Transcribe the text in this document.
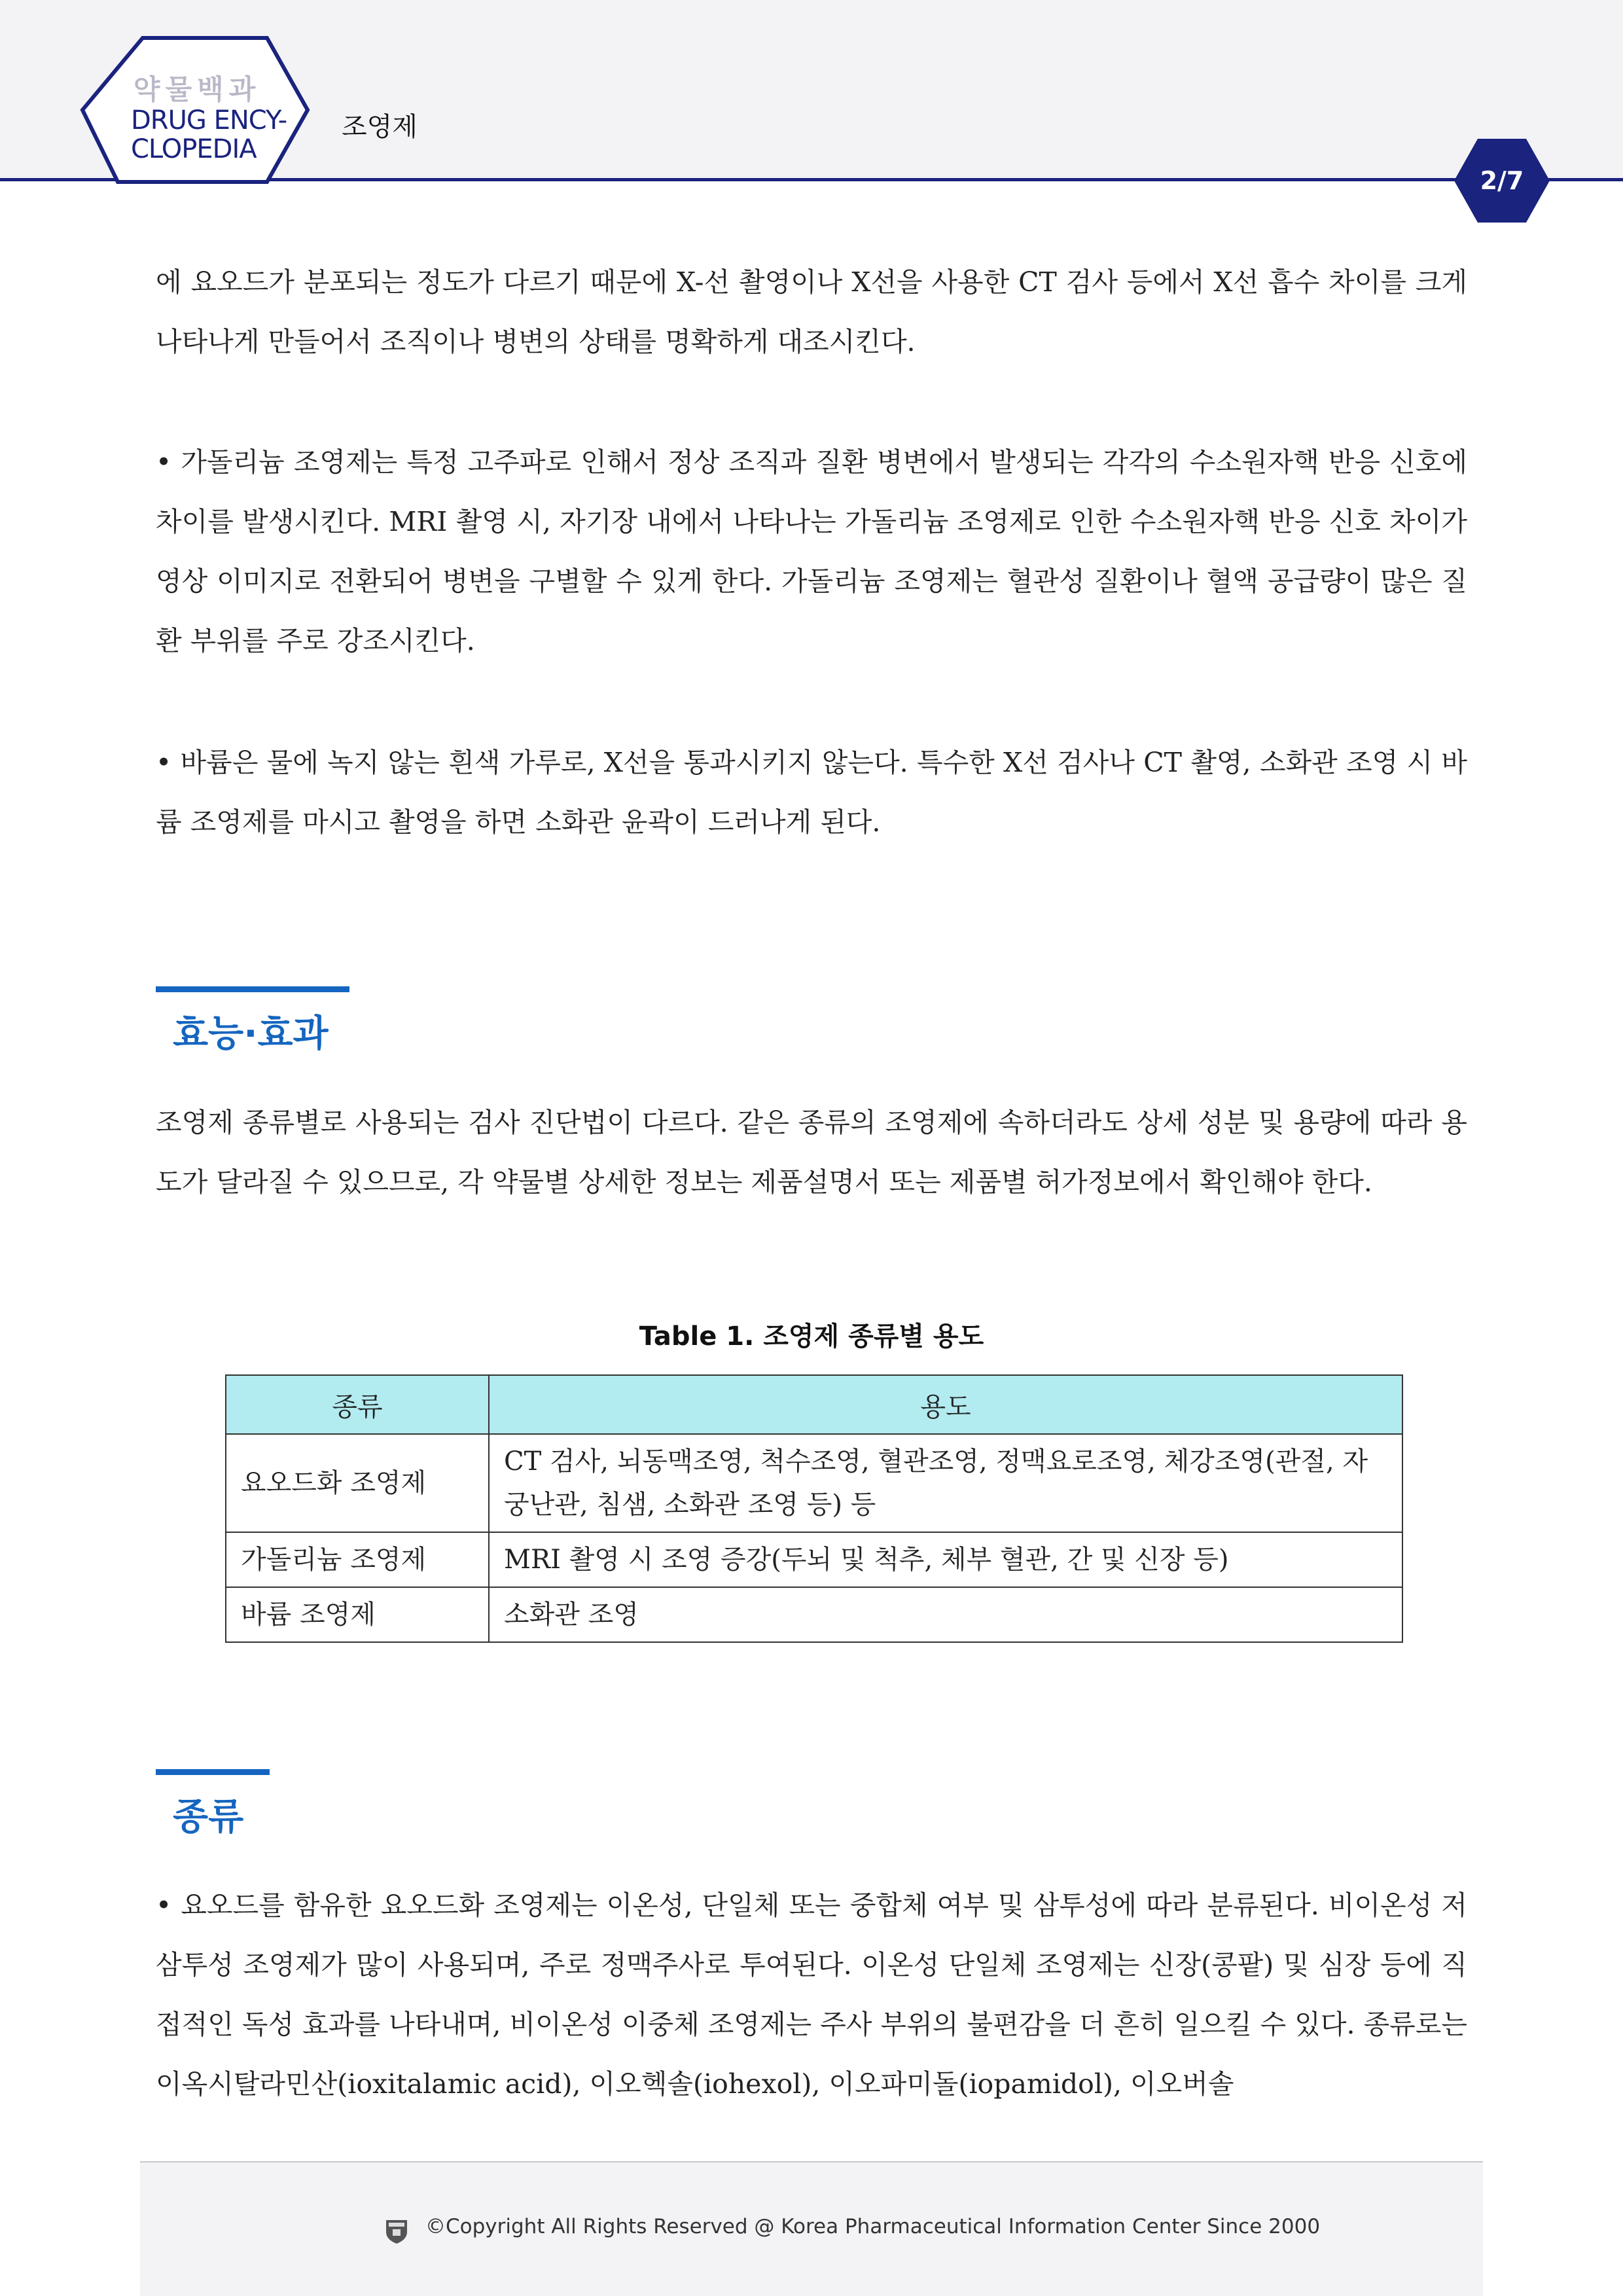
약물백과
DRUG ENCY-
CLOPEDIA
조영제
2/7

에 요오드가 분포되는 정도가 다르기 때문에 X-선 촬영이나 X선을 사용한 CT 검사 등에서 X선 흡수 차이를 크게 나타나게 만들어서 조직이나 병변의 상태를 명확하게 대조시킨다.

• 가돌리늄 조영제는 특정 고주파로 인해서 정상 조직과 질환 병변에서 발생되는 각각의 수소원자핵 반응 신호에 차이를 발생시킨다. MRI 촬영 시, 자기장 내에서 나타나는 가돌리늄 조영제로 인한 수소원자핵 반응 신호 차이가 영상 이미지로 전환되어 병변을 구별할 수 있게 한다. 가돌리늄 조영제는 혈관성 질환이나 혈액 공급량이 많은 질환 부위를 주로 강조시킨다.

• 바륨은 물에 녹지 않는 흰색 가루로, X선을 통과시키지 않는다. 특수한 X선 검사나 CT 촬영, 소화관 조영 시 바륨 조영제를 마시고 촬영을 하면 소화관 윤곽이 드러나게 된다.

효능·효과

조영제 종류별로 사용되는 검사 진단법이 다르다. 같은 종류의 조영제에 속하더라도 상세 성분 및 용량에 따라 용도가 달라질 수 있으므로, 각 약물별 상세한 정보는 제품설명서 또는 제품별 허가정보에서 확인해야 한다.

Table 1. 조영제 종류별 용도
종류	용도
요오드화 조영제	CT 검사, 뇌동맥조영, 척수조영, 혈관조영, 정맥요로조영, 체강조영(관절, 자궁난관, 침샘, 소화관 조영 등) 등
가돌리늄 조영제	MRI 촬영 시 조영 증강(두뇌 및 척추, 체부 혈관, 간 및 신장 등)
바륨 조영제	소화관 조영
종류

• 요오드를 함유한 요오드화 조영제는 이온성, 단일체 또는 중합체 여부 및 삼투성에 따라 분류된다. 비이온성 저삼투성 조영제가 많이 사용되며, 주로 정맥주사로 투여된다. 이온성 단일체 조영제는 신장(콩팥) 및 심장 등에 직접적인 독성 효과를 나타내며, 비이온성 이중체 조영제는 주사 부위의 불편감을 더 흔히 일으킬 수 있다. 종류로는 이옥시탈라민산(ioxitalamic acid), 이오헥솔(iohexol), 이오파미돌(iopamidol), 이오버솔

©Copyright All Rights Reserved @ Korea Pharmaceutical Information Center Since 2000
